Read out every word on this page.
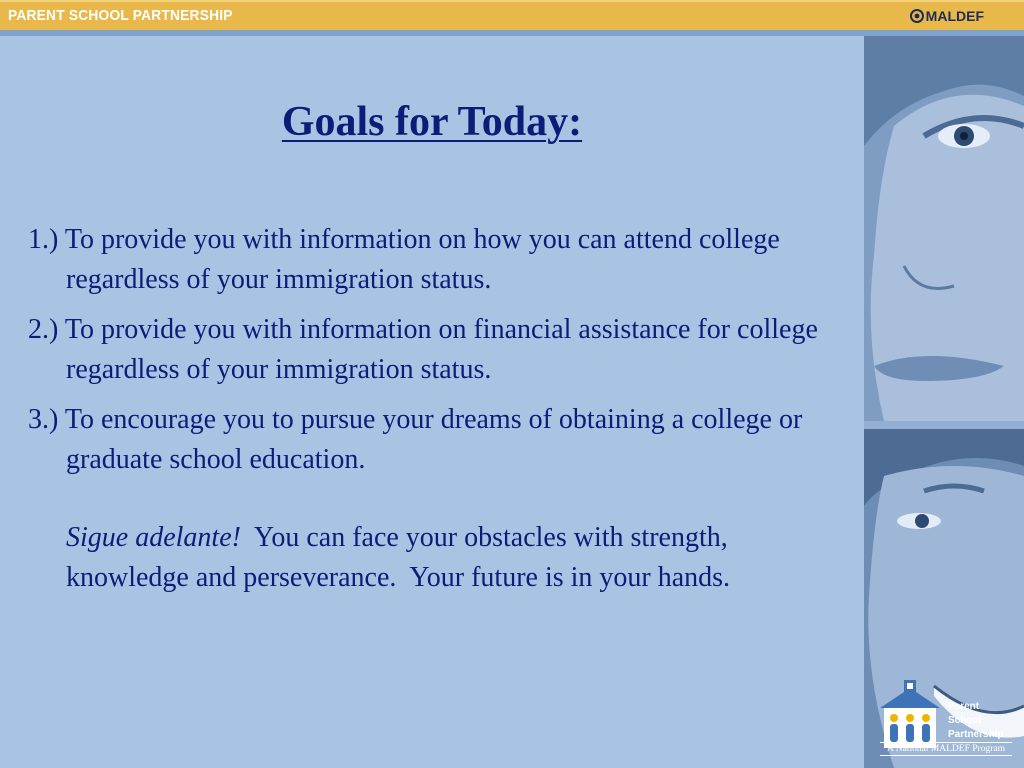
PARENT SCHOOL PARTNERSHIP	MALDEF
Goals for Today:

1.) To provide you with information on how you can attend college regardless of your immigration status.

2.) To provide you with information on financial assistance for college regardless of your immigration status.

3.) To encourage you to pursue your dreams of obtaining a college or graduate school education.

Sigue adelante!  You can face your obstacles with strength, knowledge and perseverance.  Your future is in your hands.

Parent
School
Partnership
A National MALDEF Program
